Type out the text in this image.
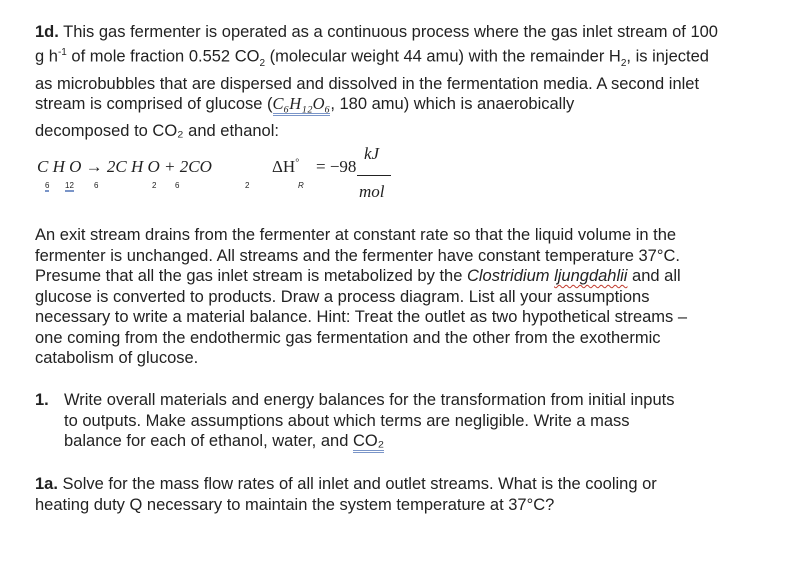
1d. This gas fermenter is operated as a continuous process where the gas inlet stream of 100
g $h^{-1}$ of mole fraction 0.552 $CO_2$ (molecular weight 44 amu) with the remainder $H_2$, is injected
as microbubbles that are dispersed and dissolved in the fermentation media. A second inlet
stream is comprised of glucose (C₆H₁₂O₆, 180 amu) which is anaerobically
decomposed to CO₂ and ethanol:
C H O → 2C H O + 2CO
6 12	6	2 6	2
ΔH°
R
= −98
kJ
mol
An exit stream drains from the fermenter at constant rate so that the liquid volume in the
fermenter is unchanged. All streams and the fermenter have constant temperature 37°C.
Presume that all the gas inlet stream is metabolized by the Clostridium ljungdahlii and all
glucose is converted to products. Draw a process diagram. List all your assumptions
necessary to write a material balance. Hint: Treat the outlet as two hypothetical streams –
one coming from the endothermic gas fermentation and the other from the exothermic
catabolism of glucose.
1. Write overall materials and energy balances for the transformation from initial inputs
to outputs. Make assumptions about which terms are negligible. Write a mass
balance for each of ethanol, water, and CO₂
1a. Solve for the mass flow rates of all inlet and outlet streams. What is the cooling or
heating duty Q necessary to maintain the system temperature at 37°C?
